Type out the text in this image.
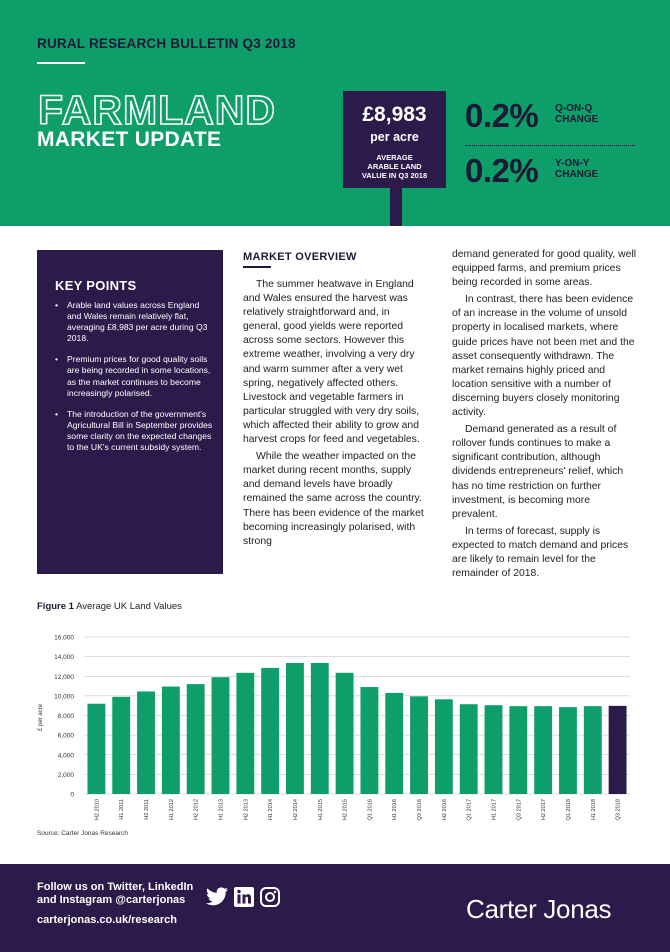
RURAL RESEARCH BULLETIN Q3 2018
FARMLAND
MARKET UPDATE
£8,983
per acre
AVERAGE
ARABLE LAND
VALUE IN Q3 2018
0.2% Q-ON-Q
CHANGE
0.2% Y-ON-Y
CHANGE
KEY POINTS
• Arable land values across England and Wales remain relatively flat, averaging £8,983 per acre during Q3 2018.
• Premium prices for good quality soils are being recorded in some locations, as the market continues to become increasingly polarised.
• The introduction of the government's Agricultural Bill in September provides some clarity on the expected changes to the UK's current subsidy system.
MARKET OVERVIEW

The summer heatwave in England and Wales ensured the harvest was relatively straightforward and, in general, good yields were reported across some sectors. However this extreme weather, involving a very dry and warm summer after a very wet spring, negatively affected others. Livestock and vegetable farmers in particular struggled with very dry soils, which affected their ability to grow and harvest crops for feed and vegetables.

While the weather impacted on the market during recent months, supply and demand levels have broadly remained the same across the country. There has been evidence of the market becoming increasingly polarised, with strong

demand generated for good quality, well equipped farms, and premium prices being recorded in some areas.

In contrast, there has been evidence of an increase in the volume of unsold property in localised markets, where guide prices have not been met and the asset consequently withdrawn. The market remains highly priced and location sensitive with a number of discerning buyers closely monitoring activity.

Demand generated as a result of rollover funds continues to make a significant contribution, although dividends entrepreneurs' relief, which has no time restriction on further investment, is becoming more prevalent.

In terms of forecast, supply is expected to match demand and prices are likely to remain level for the remainder of 2018.

Figure 1 Average UK Land Values
0
2,000
4,000
6,000
8,000
10,000
12,000
14,000
16,000
£ per acre
H2 2010	H1 2011	H2 2011	H1 2012	H2 2012	H1 2013	H2 2013	H1 2014	H2 2014	H1 2015	H2 2015	Q1 2016	H1 2016	Q3 2016	H2 2016	Q1 2017	H1 2017	Q3 2017	H2 2017	Q1 2018	H1 2018	Q3 2018
Source: Carter Jonas Research
Follow us on Twitter, LinkedIn
and Instagram @carterjonas
carterjonas.co.uk/research	Carter Jonas
